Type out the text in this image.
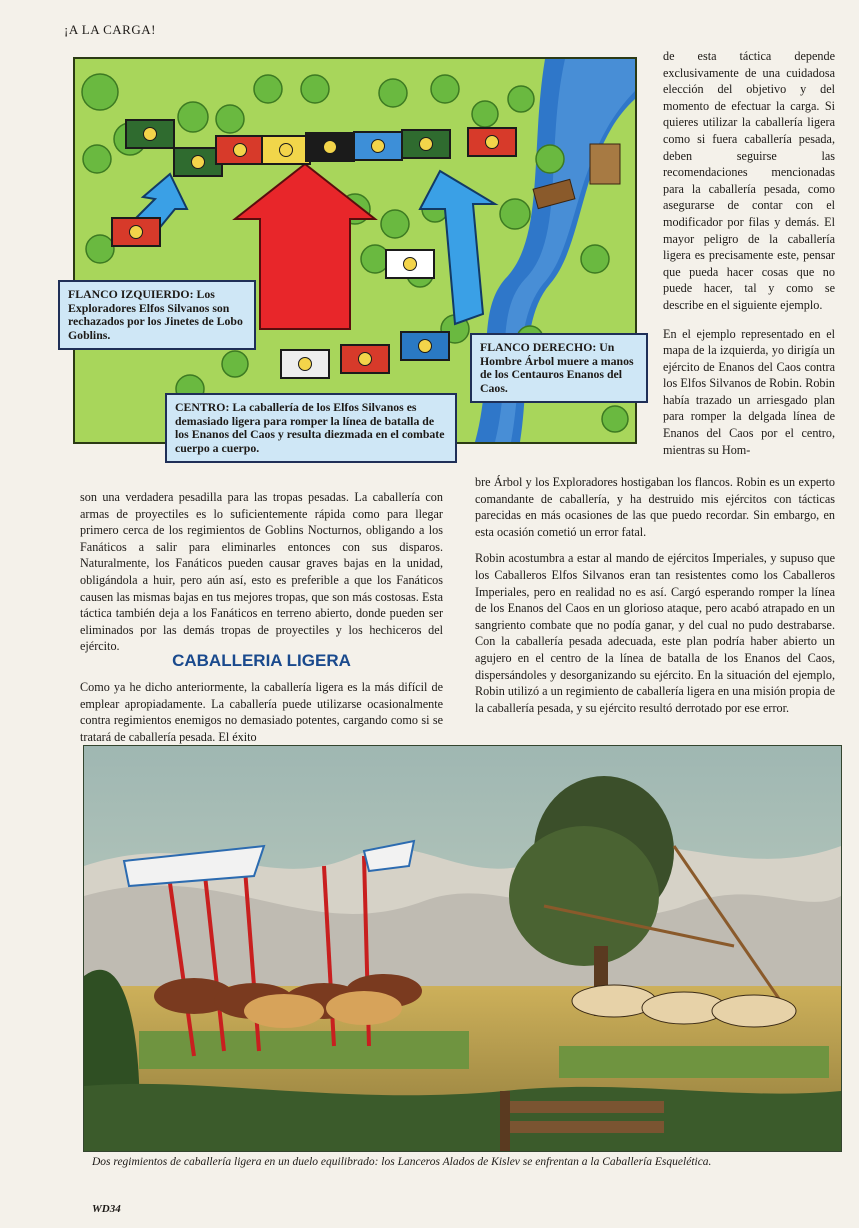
¡A LA CARGA!
FLANCO IZQUIERDO: Los Exploradores Elfos Silvanos son rechazados por los Jinetes de Lobo Goblins.
FLANCO DERECHO: Un Hombre Árbol muere a manos de los Centauros Enanos del Caos.
CENTRO: La caballería de los Elfos Silvanos es demasiado ligera para romper la línea de batalla de los Enanos del Caos y resulta diezmada en el combate cuerpo a cuerpo.

de esta táctica depende exclusivamente de una cuidadosa elección del objetivo y del momento de efectuar la carga. Si quieres utilizar la caballería ligera como si fuera caballería pesada, deben seguirse las recomendaciones mencionadas para la caballería pesada, como asegurarse de contar con el modificador por filas y demás. El mayor peligro de la caballería ligera es precisamente este, pensar que pueda hacer cosas que no puede hacer, tal y como se describe en el siguiente ejemplo.

En el ejemplo representado en el mapa de la izquierda, yo dirigía un ejército de Enanos del Caos contra los Elfos Silvanos de Robin. Robin había trazado un arriesgado plan para romper la delgada línea de Enanos del Caos por el centro, mientras su Hom-

son una verdadera pesadilla para las tropas pesadas. La caballería con armas de proyectiles es lo suficientemente rápida como para llegar primero cerca de los regimientos de Goblins Nocturnos, obligando a los Fanáticos a salir para eliminarles entonces con sus disparos. Naturalmente, los Fanáticos pueden causar graves bajas en la unidad, obligándola a huir, pero aún así, esto es preferible a que los Fanáticos causen las mismas bajas en tus mejores tropas, que son más costosas. Esta táctica también deja a los Fanáticos en terreno abierto, donde pueden ser eliminados por las demás tropas de proyectiles y los hechiceros del ejército.

CABALLERIA LIGERA

Como ya he dicho anteriormente, la caballería ligera es la más difícil de emplear apropiadamente. La caballería puede utilizarse ocasionalmente contra regimientos enemigos no demasiado potentes, cargando como si se tratará de caballería pesada. El éxito

bre Árbol y los Exploradores hostigaban los flancos. Robin es un experto comandante de caballería, y ha destruido mis ejércitos con tácticas parecidas en más ocasiones de las que puedo recordar. Sin embargo, en esta ocasión cometió un error fatal.

Robin acostumbra a estar al mando de ejércitos Imperiales, y supuso que los Caballeros Elfos Silvanos eran tan resistentes como los Caballeros Imperiales, pero en realidad no es así. Cargó esperando romper la línea de los Enanos del Caos en un glorioso ataque, pero acabó atrapado en un sangriento combate que no podía ganar, y del cual no pudo destrabarse. Con la caballería pesada adecuada, este plan podría haber abierto un agujero en el centro de la línea de batalla de los Enanos del Caos, dispersándoles y desorganizando su ejército. En la situación del ejemplo, Robin utilizó a un regimiento de caballería ligera en una misión propia de la caballería pesada, y su ejército resultó derrotado por ese error.

Dos regimientos de caballería ligera en un duelo equilibrado: los Lanceros Alados de Kislev se enfrentan a la Caballería Esquelética.
WD34
